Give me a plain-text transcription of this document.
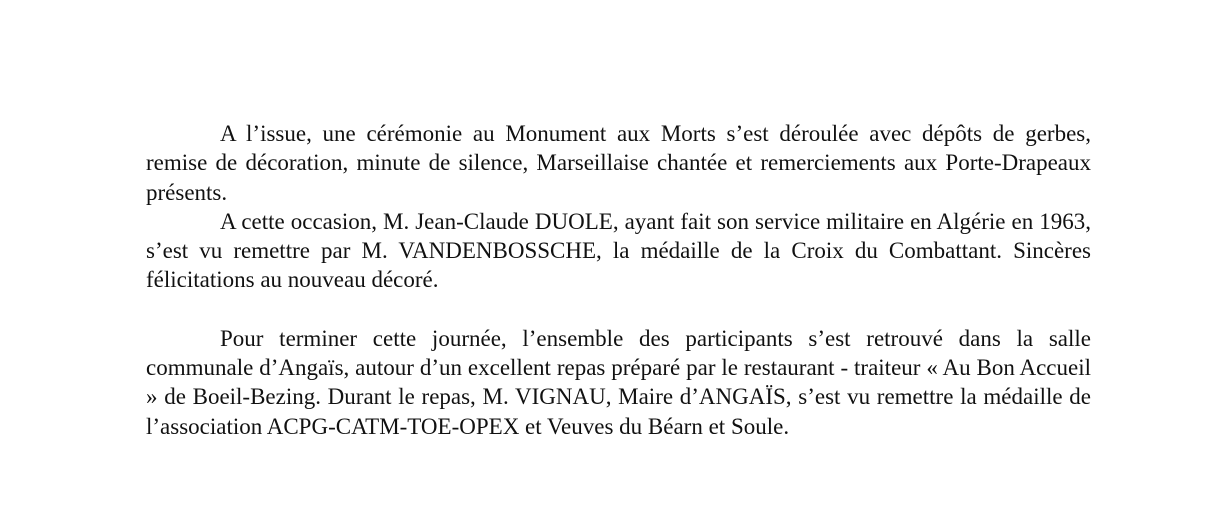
A l’issue, une cérémonie au Monument aux Morts s’est déroulée avec dépôts de gerbes, remise de décoration, minute de silence, Marseillaise chantée et remerciements aux Porte-Drapeaux présents.

A cette occasion, M. Jean-Claude DUOLE, ayant fait son service militaire en Algérie en 1963, s’est vu remettre par M. VANDENBOSSCHE, la médaille de la Croix du Combattant. Sincères félicitations au nouveau décoré.

Pour terminer cette journée, l’ensemble des participants s’est retrouvé dans la salle communale d’Angaïs, autour d’un excellent repas préparé par le restaurant - traiteur « Au Bon Accueil » de Boeil-Bezing. Durant le repas, M. VIGNAU, Maire d’ANGAÏS, s’est vu remettre la médaille de l’association ACPG-CATM-TOE-OPEX et Veuves du Béarn et Soule.
